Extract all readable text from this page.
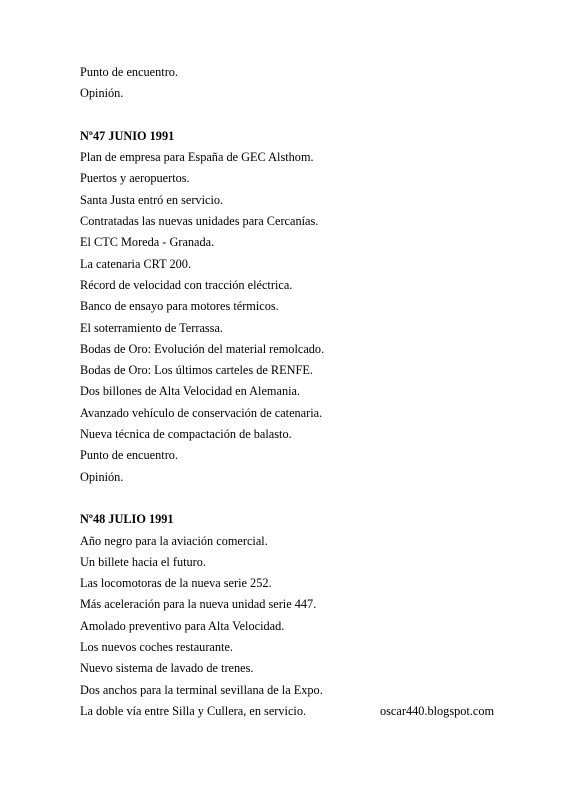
Punto de encuentro.
Opinión.
Nº47 JUNIO 1991
Plan de empresa para España de GEC Alsthom.
Puertos y aeropuertos.
Santa Justa entró en servicio.
Contratadas las nuevas unidades para Cercanías.
El CTC Moreda - Granada.
La catenaria CRT 200.
Récord de velocidad con tracción eléctrica.
Banco de ensayo para motores térmicos.
El soterramiento de Terrassa.
Bodas de Oro: Evolución del material remolcado.
Bodas de Oro: Los últimos carteles de RENFE.
Dos billones de Alta Velocidad en Alemania.
Avanzado vehículo de conservación de catenaria.
Nueva técnica de compactación de balasto.
Punto de encuentro.
Opinión.
Nº48 JULIO 1991
Año negro para la aviación comercial.
Un billete hacia el futuro.
Las locomotoras de la nueva serie 252.
Más aceleración para la nueva unidad serie 447.
Amolado preventivo para Alta Velocidad.
Los nuevos coches restaurante.
Nuevo sistema de lavado de trenes.
Dos anchos para la terminal sevillana de la Expo.
La doble vía entre Silla y Cullera, en servicio.	oscar440.blogspot.com
